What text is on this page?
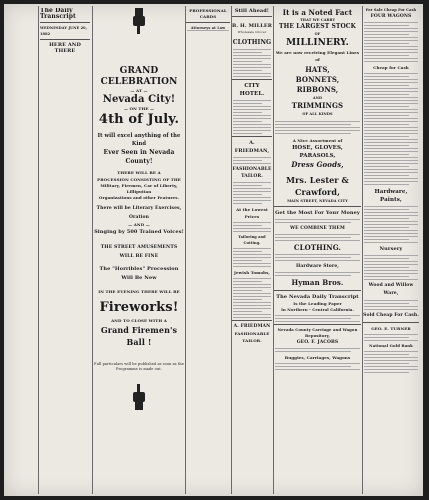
The Daily Transcript
WEDNESDAY JUNE 20, 1882
HERE AND THERE
GRAND CELEBRATION
— AT —
Nevada City!
— ON THE —
4th of July.
It will excel anything of the Kind
Ever Seen in Nevada County!
THERE WILL BE A
PROCESSION CONSISTING OF THE
Military, Firemen, Car of Liberty, Lilliputian
Organizations and other Features.
There will be Literary Exercises, Oration
— AND —
Singing by 500 Trained Voices!
THE STREET AMUSEMENTS WILL BE FINE
The "Horribles" Procession Will Be New
IN THE EVENING THERE WILL BE
Fireworks!
AND TO CLOSE WITH A
Grand Firemen's Ball !
Full particulars will be published as soon as the Programme is made out.
PROFESSIONAL CARDS
Attorneys at Law
Still Ahead!
B. H. MILLER
Wholesale Grocer
CLOTHING
CITY HOTEL.
A. FRIEDMAN,
FASHIONABLE TAILOR.
At the Lowest Prices
Tailoring and Cutting.
Jewish Tomobs,
A. FRIEDMAN
FASHIONABLE TAILOR.
It is a Noted Fact
THAT WE CARRY
THE LARGEST STOCK
OF
MILLINERY.
We are now receiving Elegant Lines of
HATS,
BONNETS,
RIBBONS,
AND
TRIMMINGS
OF ALL KINDS
A Nice Assortment of
HOSE, GLOVES, PARASOLS,
Dress Goods,
Mrs. Lester & Crawford,
MAIN STREET, NEVADA CITY
Get the Most For Your Money
WE COMBINE THEM
CLOTHING.
Hardware Store,
Hyman Bros.
The Nevada Daily Transcript
Is the Leading Paper
In Northern - Central California.
Nevada County Carriage and Wagon Repository,
GEO. F. JACOBS
Buggies, Carriages, Wagons
For Sale Cheap For Cash
FOUR WAGONS
Cheap for Cash
Hardware, Paints,
Nursery
Wood and Willow Ware,
Sold Cheap For Cash.
GEO. E. TURNER
National Gold Bank
